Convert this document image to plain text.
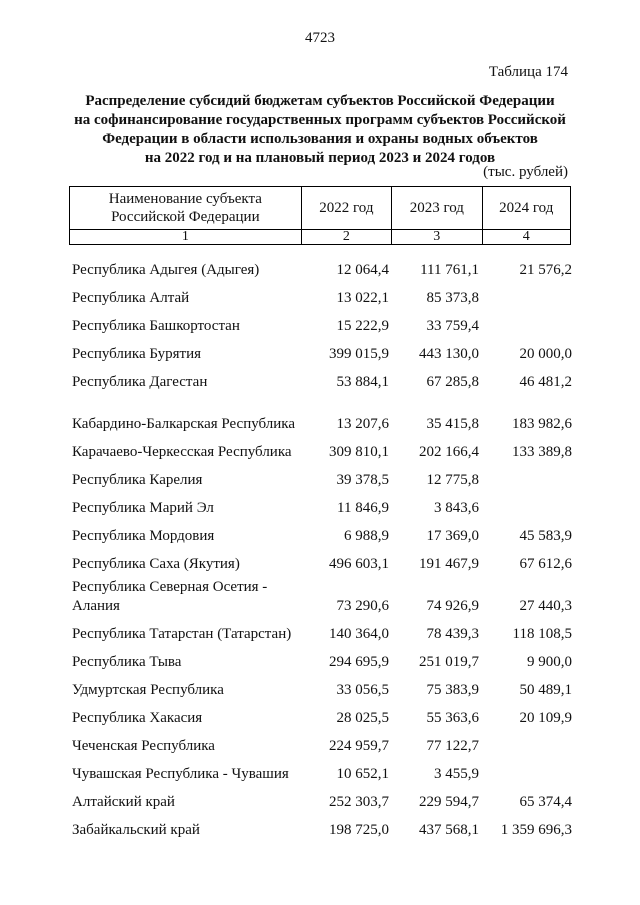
4723
Таблица 174
Распределение субсидий бюджетам субъектов Российской Федерации
на софинансирование государственных программ субъектов Российской
Федерации в области использования и охраны водных объектов
на 2022 год и на плановый период 2023 и 2024 годов
(тыс. рублей)
Наименование субъекта Российской Федерации	2022 год	2023 год	2024 год
1	2	3	4
Республика Адыгея (Адыгея)	12 064,4	111 761,1	21 576,2
Республика Алтай	13 022,1	85 373,8
Республика Башкортостан	15 222,9	33 759,4
Республика Бурятия	399 015,9	443 130,0	20 000,0
Республика Дагестан	53 884,1	67 285,8	46 481,2
Кабардино-Балкарская Республика	13 207,6	35 415,8	183 982,6
Карачаево-Черкесская Республика	309 810,1	202 166,4	133 389,8
Республика Карелия	39 378,5	12 775,8
Республика Марий Эл	11 846,9	3 843,6
Республика Мордовия	6 988,9	17 369,0	45 583,9
Республика Саха (Якутия)	496 603,1	191 467,9	67 612,6
Республика Северная Осетия - Алания	73 290,6	74 926,9	27 440,3
Республика Татарстан (Татарстан)	140 364,0	78 439,3	118 108,5
Республика Тыва	294 695,9	251 019,7	9 900,0
Удмуртская Республика	33 056,5	75 383,9	50 489,1
Республика Хакасия	28 025,5	55 363,6	20 109,9
Чеченская Республика	224 959,7	77 122,7
Чувашская Республика - Чувашия	10 652,1	3 455,9
Алтайский край	252 303,7	229 594,7	65 374,4
Забайкальский край	198 725,0	437 568,1	1 359 696,3
